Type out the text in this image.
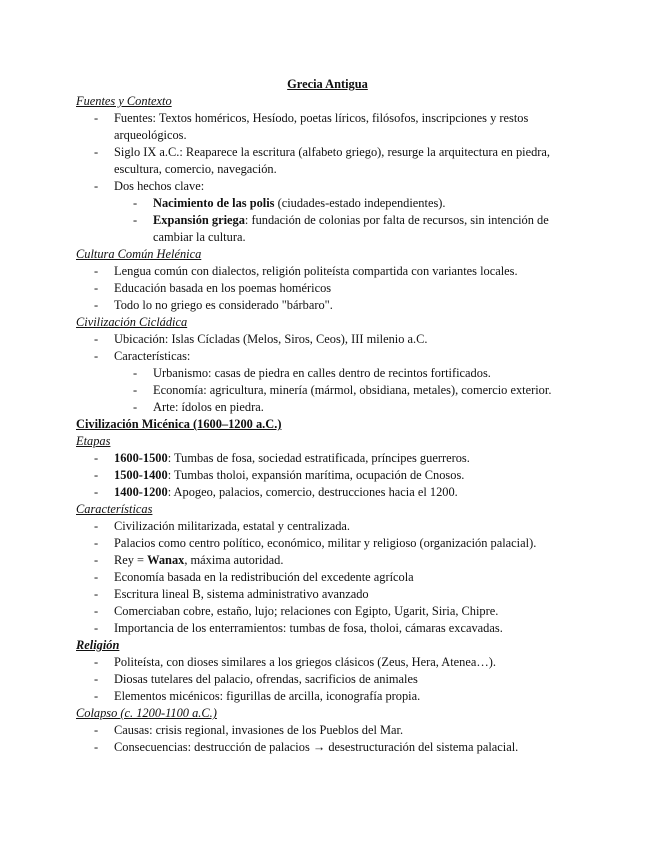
Grecia Antigua
Fuentes y Contexto
- Fuentes: Textos homéricos, Hesíodo, poetas líricos, filósofos, inscripciones y restos arqueológicos.
- Siglo IX a.C.: Reaparece la escritura (alfabeto griego), resurge la arquitectura en piedra, escultura, comercio, navegación.
- Dos hechos clave:
- Nacimiento de las polis (ciudades-estado independientes).
- Expansión griega: fundación de colonias por falta de recursos, sin intención de cambiar la cultura.
Cultura Común Helénica
- Lengua común con dialectos, religión politeísta compartida con variantes locales.
- Educación basada en los poemas homéricos
- Todo lo no griego es considerado "bárbaro".
Civilización Cicládica
- Ubicación: Islas Cícladas (Melos, Siros, Ceos), III milenio a.C.
- Características:
- Urbanismo: casas de piedra en calles dentro de recintos fortificados.
- Economía: agricultura, minería (mármol, obsidiana, metales), comercio exterior.
- Arte: ídolos en piedra.
Civilización Micénica (1600–1200 a.C.)
Etapas
- 1600-1500: Tumbas de fosa, sociedad estratificada, príncipes guerreros.
- 1500-1400: Tumbas tholoi, expansión marítima, ocupación de Cnosos.
- 1400-1200: Apogeo, palacios, comercio, destrucciones hacia el 1200.
Características
- Civilización militarizada, estatal y centralizada.
- Palacios como centro político, económico, militar y religioso (organización palacial).
- Rey = Wanax, máxima autoridad.
- Economía basada en la redistribución del excedente agrícola
- Escritura lineal B, sistema administrativo avanzado
- Comerciaban cobre, estaño, lujo; relaciones con Egipto, Ugarit, Siria, Chipre.
- Importancia de los enterramientos: tumbas de fosa, tholoi, cámaras excavadas.
Religión
- Politeísta, con dioses similares a los griegos clásicos (Zeus, Hera, Atenea…).
- Diosas tutelares del palacio, ofrendas, sacrificios de animales
- Elementos micénicos: figurillas de arcilla, iconografía propia.
Colapso (c. 1200-1100 a.C.)
- Causas: crisis regional, invasiones de los Pueblos del Mar.
- Consecuencias: destrucción de palacios → desestructuración del sistema palacial.
